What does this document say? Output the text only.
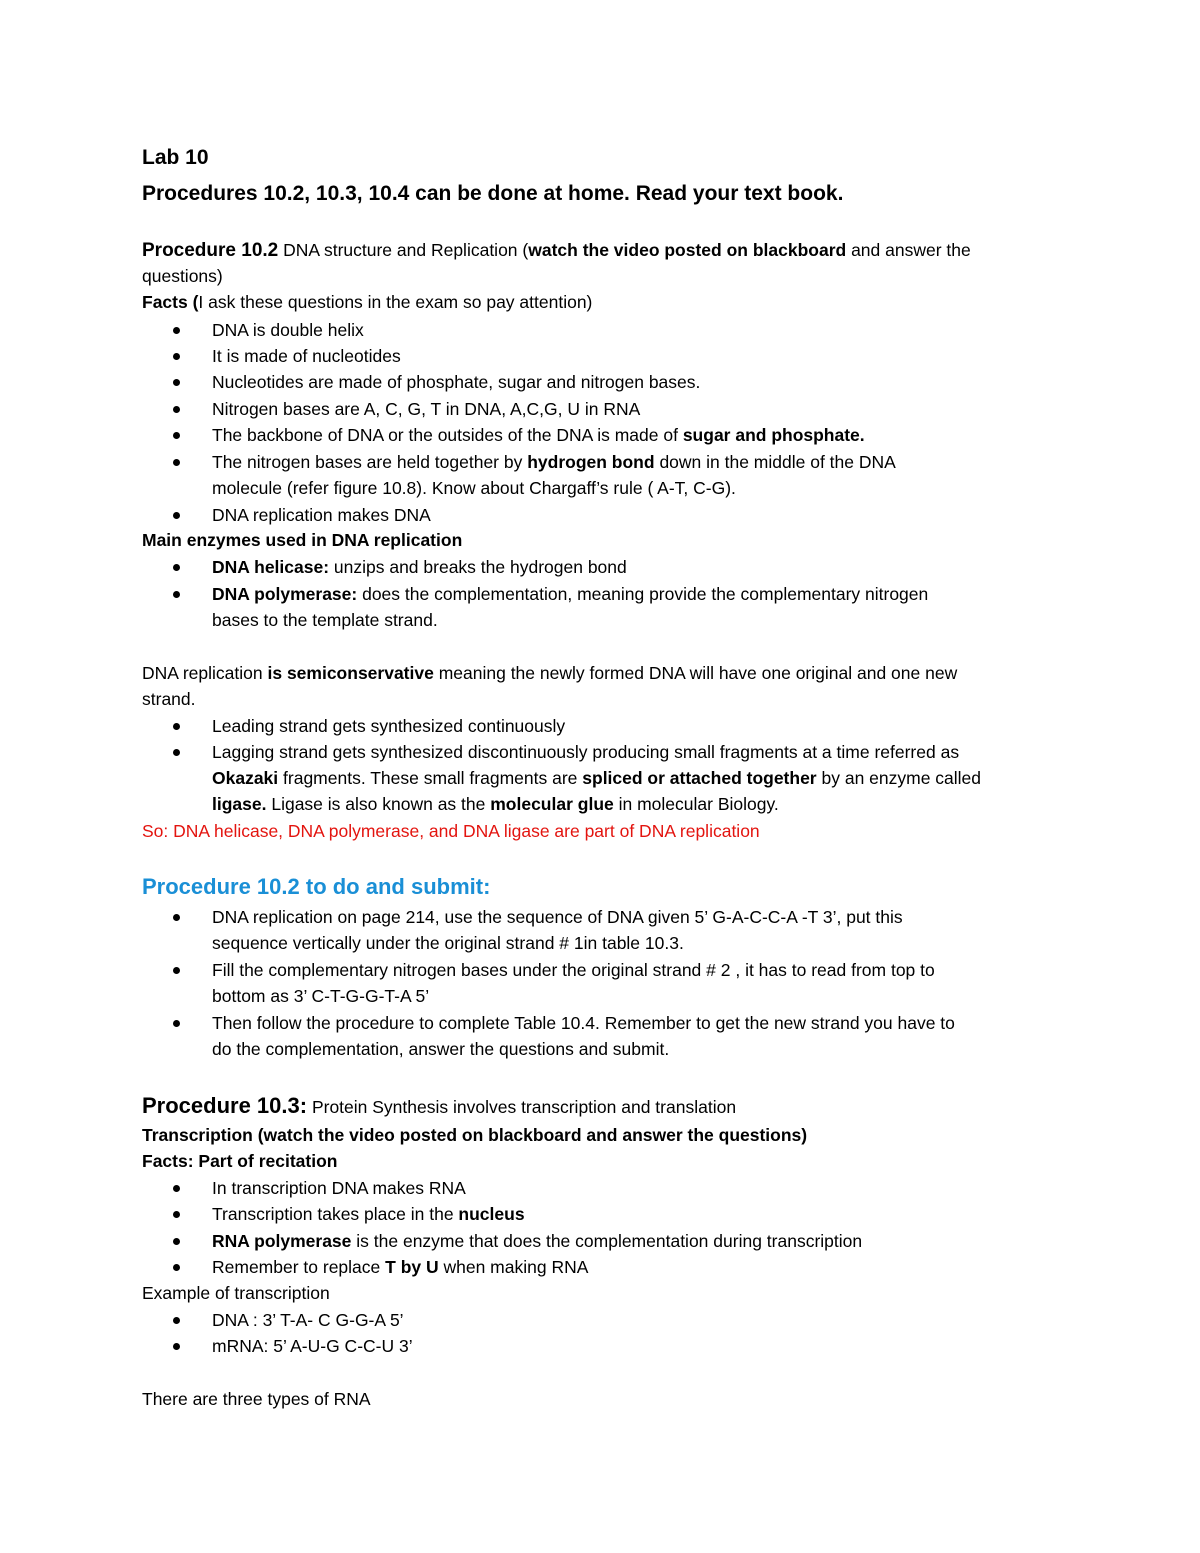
Lab 10
Procedures 10.2, 10.3, 10.4 can be done at home. Read your text book.
Procedure 10.2 DNA structure and Replication (watch the video posted on blackboard and answer the
questions)
Facts (I ask these questions in the exam so pay attention)
DNA is double helix
It is made of nucleotides
Nucleotides are made of phosphate, sugar and nitrogen bases.
Nitrogen bases are A, C, G, T in DNA, A,C,G, U in RNA
The backbone of DNA or the outsides of the DNA is made of sugar and phosphate.
The nitrogen bases are held together by hydrogen bond down in the middle of the DNA
molecule (refer figure 10.8). Know about Chargaff’s rule ( A-T, C-G).
DNA replication makes DNA
Main enzymes used in DNA replication
DNA helicase: unzips and breaks the hydrogen bond
DNA polymerase: does the complementation, meaning provide the complementary nitrogen
bases to the template strand.
DNA replication is semiconservative meaning the newly formed DNA will have one original and one new
strand.
Leading strand gets synthesized continuously
Lagging strand gets synthesized discontinuously producing small fragments at a time referred as
Okazaki fragments. These small fragments are spliced or attached together by an enzyme called
ligase. Ligase is also known as the molecular glue in molecular Biology.
So: DNA helicase, DNA polymerase, and DNA ligase are part of DNA replication
Procedure 10.2 to do and submit:
DNA replication on page 214, use the sequence of DNA given 5’ G-A-C-C-A -T 3’, put this
sequence vertically under the original strand # 1in table 10.3.
Fill the complementary nitrogen bases under the original strand # 2 , it has to read from top to
bottom as 3’ C-T-G-G-T-A 5’
Then follow the procedure to complete Table 10.4. Remember to get the new strand you have to
do the complementation, answer the questions and submit.
Procedure 10.3: Protein Synthesis involves transcription and translation
Transcription (watch the video posted on blackboard and answer the questions)
Facts: Part of recitation
In transcription DNA makes RNA
Transcription takes place in the nucleus
RNA polymerase is the enzyme that does the complementation during transcription
Remember to replace T by U when making RNA
Example of transcription
DNA : 3’ T-A- C G-G-A 5’
mRNA: 5’ A-U-G C-C-U 3’
There are three types of RNA
